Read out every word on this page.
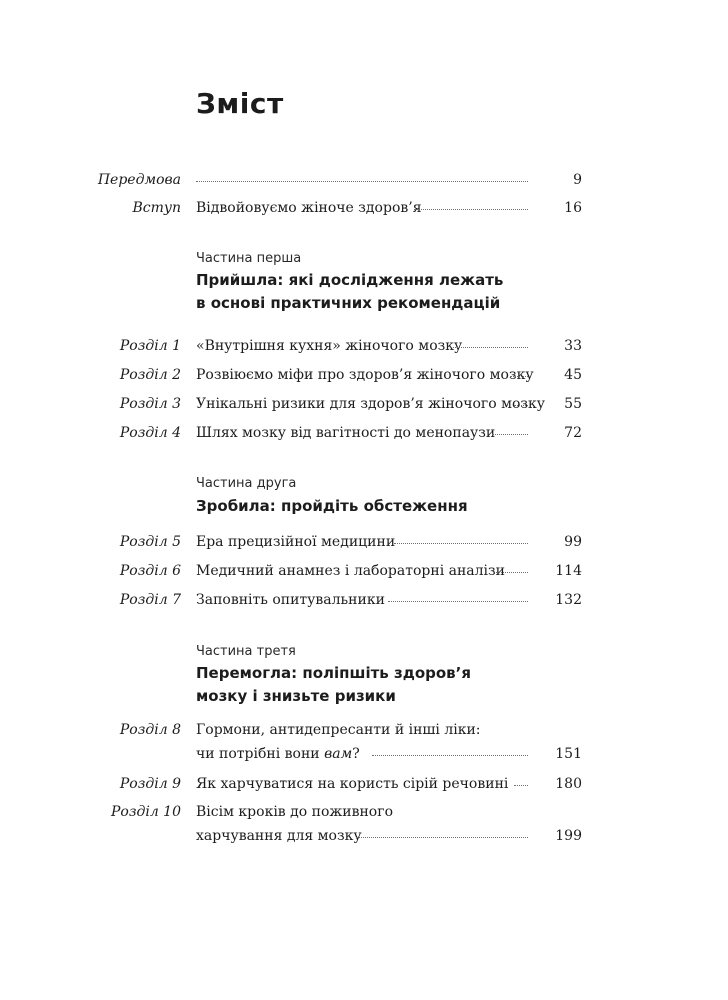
Зміст
Передмова	9
Вступ Відвойовуємо жіноче здоров’я	16
Частина перша
Прийшла: які дослідження лежать
в основі практичних рекомендацій
Розділ 1 «Внутрішня кухня» жіночого мозку	33
Розділ 2 Розвіюємо міфи про здоров’я жіночого мозку 45
Розділ 3 Унікальні ризики для здоров’я жіночого мозку 55
Розділ 4 Шлях мозку від вагітності до менопаузи	72
Частина друга
Зробила: пройдіть обстеження
Розділ 5 Ера прецизійної медицини	99
Розділ 6 Медичний анамнез і лабораторні аналізи	114
Розділ 7 Заповніть опитувальники	132
Частина третя
Перемогла: поліпшіть здоров’я
мозку і знизьте ризики
Розділ 8 Гормони, антидепресанти й інші ліки:
чи потрібні вони вам?	151
Розділ 9 Як харчуватися на користь сірій речовині	180
Розділ 10 Вісім кроків до поживного
харчування для мозку	199
